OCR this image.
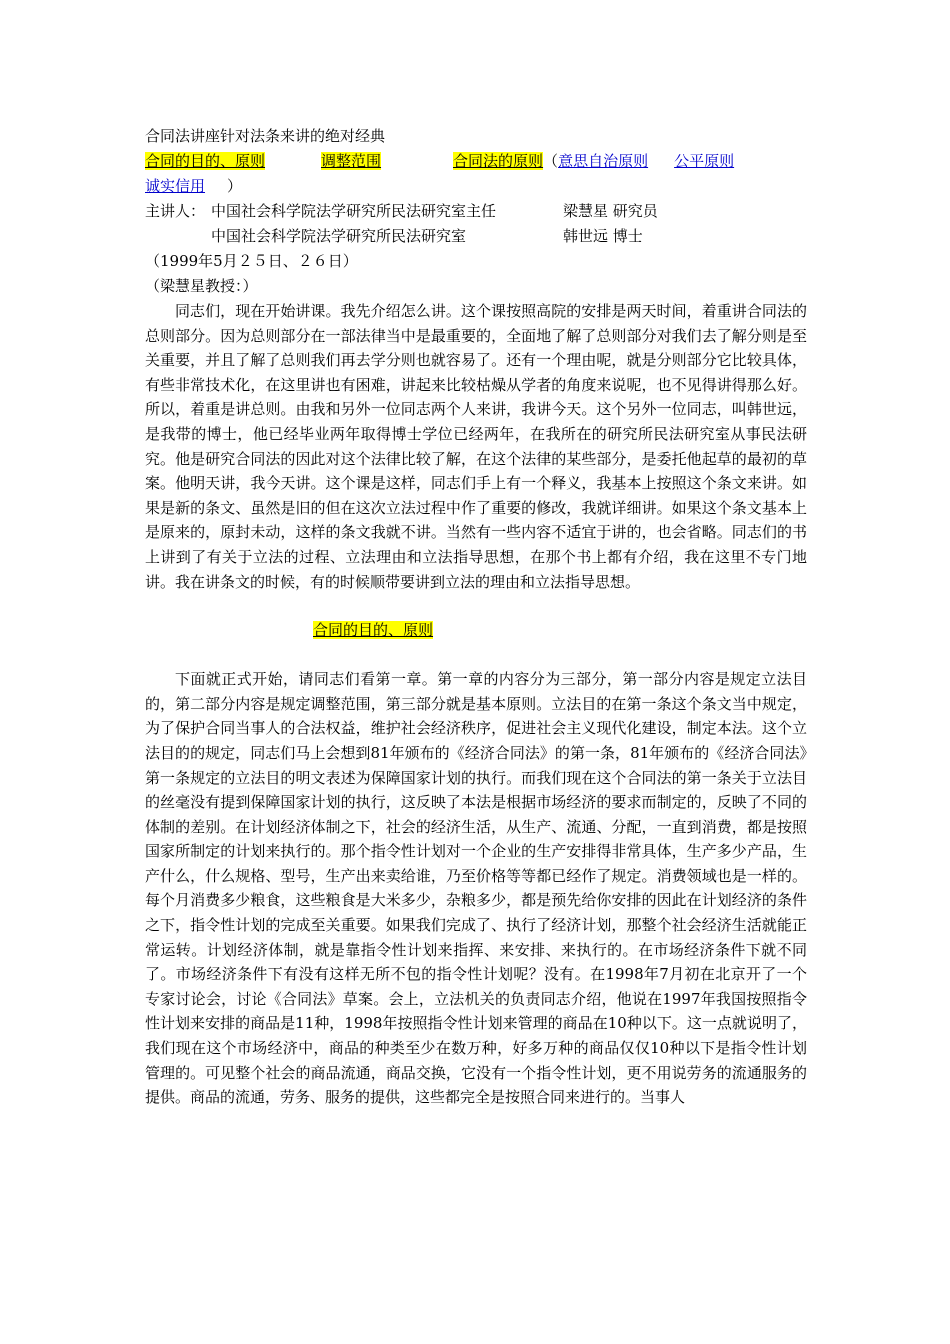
合同法讲座针对法条来讲的绝对经典
合同的目的、原则	调整范围	合同法的原则（意思自治原则 公平原则
诚实信用 ）
主讲人： 中国社会科学院法学研究所民法研究室主任	梁慧星 研究员
中国社会科学院法学研究所民法研究室	韩世远 博士
（1999年5月２５日、２６日）
（梁慧星教授：）

同志们，现在开始讲课。我先介绍怎么讲。这个课按照高院的安排是两天时间，着重讲合同法的总则部分。因为总则部分在一部法律当中是最重要的，全面地了解了总则部分对我们去了解分则是至关重要，并且了解了总则我们再去学分则也就容易了。还有一个理由呢，就是分则部分它比较具体，有些非常技术化，在这里讲也有困难，讲起来比较枯燥从学者的角度来说呢，也不见得讲得那么好。所以，着重是讲总则。由我和另外一位同志两个人来讲，我讲今天。这个另外一位同志，叫韩世远，是我带的博士，他已经毕业两年取得博士学位已经两年，在我所在的研究所民法研究室从事民法研究。他是研究合同法的因此对这个法律比较了解，在这个法律的某些部分，是委托他起草的最初的草案。他明天讲，我今天讲。这个课是这样，同志们手上有一个释义，我基本上按照这个条文来讲。如果是新的条文、虽然是旧的但在这次立法过程中作了重要的修改，我就详细讲。如果这个条文基本上是原来的，原封未动，这样的条文我就不讲。当然有一些内容不适宜于讲的，也会省略。同志们的书上讲到了有关于立法的过程、立法理由和立法指导思想，在那个书上都有介绍，我在这里不专门地讲。我在讲条文的时候，有的时候顺带要讲到立法的理由和立法指导思想。

合同的目的、原则

下面就正式开始，请同志们看第一章。第一章的内容分为三部分，第一部分内容是规定立法目的，第二部分内容是规定调整范围，第三部分就是基本原则。立法目的在第一条这个条文当中规定，为了保护合同当事人的合法权益，维护社会经济秩序，促进社会主义现代化建设，制定本法。这个立法目的的规定，同志们马上会想到81年颁布的《经济合同法》的第一条，81年颁布的《经济合同法》第一条规定的立法目的明文表述为保障国家计划的执行。而我们现在这个合同法的第一条关于立法目的丝毫没有提到保障国家计划的执行，这反映了本法是根据市场经济的要求而制定的，反映了不同的体制的差别。在计划经济体制之下，社会的经济生活，从生产、流通、分配，一直到消费，都是按照国家所制定的计划来执行的。那个指令性计划对一个企业的生产安排得非常具体，生产多少产品，生产什么，什么规格、型号，生产出来卖给谁，乃至价格等等都已经作了规定。消费领域也是一样的。每个月消费多少粮食，这些粮食是大米多少，杂粮多少，都是预先给你安排的因此在计划经济的条件之下，指令性计划的完成至关重要。如果我们完成了、执行了经济计划，那整个社会经济生活就能正常运转。计划经济体制，就是靠指令性计划来指挥、来安排、来执行的。在市场经济条件下就不同了。市场经济条件下有没有这样无所不包的指令性计划呢？没有。在1998年7月初在北京开了一个专家讨论会，讨论《合同法》草案。会上，立法机关的负责同志介绍，他说在1997年我国按照指令性计划来安排的商品是11种，1998年按照指令性计划来管理的商品在10种以下。这一点就说明了，我们现在这个市场经济中，商品的种类至少在数万种，好多万种的商品仅仅10种以下是指令性计划管理的。可见整个社会的商品流通，商品交换，它没有一个指令性计划，更不用说劳务的流通服务的提供。商品的流通，劳务、服务的提供，这些都完全是按照合同来进行的。当事人
